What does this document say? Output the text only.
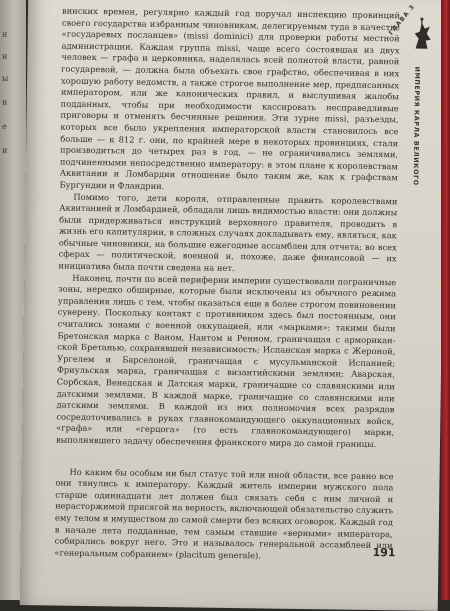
н
и
ы
н
е
и

винских времен, регулярно каждый год поручал инспекцию провинций своего государства избранным чиновникам, делегируемым туда в качестве «государевых посланцев» (missi dominici) для проверки работы местной администрации. Каждая группа missi, чаще всего состоявшая из двух человек — графа и церковника, наделялась всей полнотой власти, равной государевой, — должна была объехать свое графство, обеспечивая в них хорошую работу ведомств, а также строгое выполнение мер, предписанных императором, или же канонических правил, и выслушивая жалобы подданных, чтобы при необходимости кассировать несправедливые приговоры и отменять бесчинные решения. Эти турне missi, разъезды, которых все было укрепления императорской власти становилось все больше — к 812 г. они, по крайней мере в некоторых провинциях, стали производиться до четырех раз в год, — не ограничивались землями, подчиненными непосредственно императору: в этом плане к королевствам Аквитании и Ломбардии отношение было таким же, как к графствам Бургундии и Фландрии.

Помимо того, дети короля, отправленные править королевствами Аквитанией и Ломбардией, обладали лишь видимостью власти: они должны были придерживаться инструкций верховного правителя, проводить в жизнь его капитулярии, в сложных случаях докладывать ему, являться, как обычные чиновники, на большие ежегодные ассамблеи для отчета; во всех сферах — политической, военной и, похоже, даже финансовой — их инициатива была почти сведена на нет.

Наконец, почти по всей периферии империи существовали пограничные зоны, нередко обширные, которые были исключены из обычного режима управления лишь с тем, чтобы оказаться еще в более строгом повиновении суверену. Поскольку контакт с противником здесь был постоянным, они считались зонами с военной оккупацией, или «марками»: такими были Бретонская марка с Ваном, Нантом и Ренном, граничащая с армориканской Бретанью, сохранявшей независимость; Испанская марка с Жероной, Ургелем и Барселоной, граничащая с мусульманской Испанией; Фриульская марка, граничащая с византийскими землями; Аварская, Сорбская, Венедская и Датская марки, граничащие со славянскими или датскими землями. В каждой марке, граничащие со славянскими или датскими землями. В каждой из них полномочия всех разрядов сосредоточивались в руках главнокомандующего оккупационных войск, «графа» или «герцога» (то есть главнокомандующего) марки, выполнявшего задачу обеспечения франкского мира до самой границы.

Но каким бы особым ни был статус той или иной области, все равно все они тянулись к императору. Каждый житель империи мужского пола старше одиннадцати лет должен был связать себя с ним личной и нерасторжимой присягой на верность, включающей обязательство служить ему телом и имуществом до самой смерти без всяких оговорок. Каждый год в начале лета подданные, тем самым ставшие «верными» императора, собирались вокруг него. Это и называлось генеральной ассамблеей или «генеральным собранием» (placitum generale).

ГЛАВА 3
ИМПЕРИЯ КАРЛА ВЕЛИКОГО
191
